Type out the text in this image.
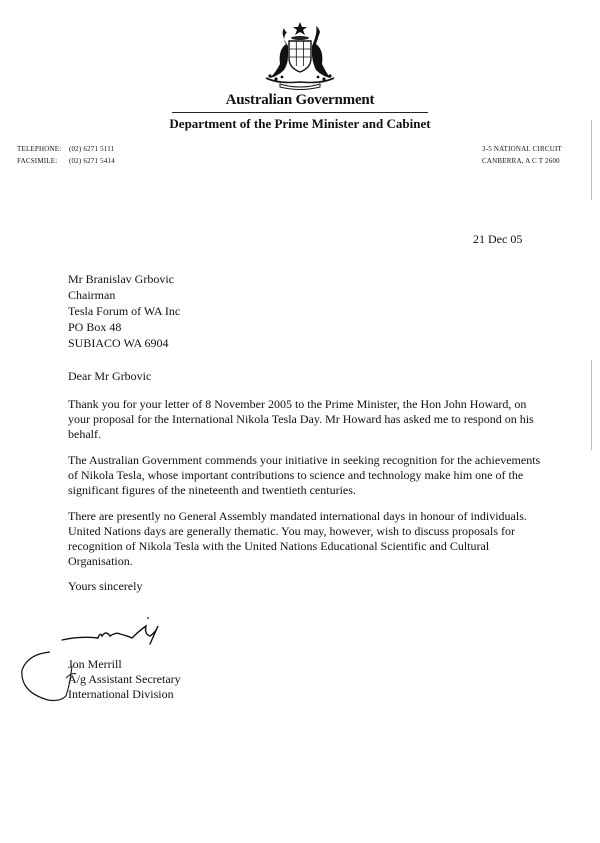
Australian Government
Department of the Prime Minister and Cabinet
TELEPHONE: (02) 6271 5111
FACSIMILE: (02) 6271 5414
3-5 NATIONAL CIRCUIT
CANBERRA, A C T 2600
21 Dec 05
Mr Branislav Grbovic
Chairman
Tesla Forum of WA Inc
PO Box 48
SUBIACO WA 6904
Dear Mr Grbovic

Thank you for your letter of 8 November 2005 to the Prime Minister, the Hon John Howard, on your proposal for the International Nikola Tesla Day. Mr Howard has asked me to respond on his behalf.

The Australian Government commends your initiative in seeking recognition for the achievements of Nikola Tesla, whose important contributions to science and technology make him one of the significant figures of the nineteenth and twentieth centuries.

There are presently no General Assembly mandated international days in honour of individuals. United Nations days are generally thematic. You may, however, wish to discuss proposals for recognition of Nikola Tesla with the United Nations Educational Scientific and Cultural Organisation.

Yours sincerely
Jon Merrill
A/g Assistant Secretary
International Division
